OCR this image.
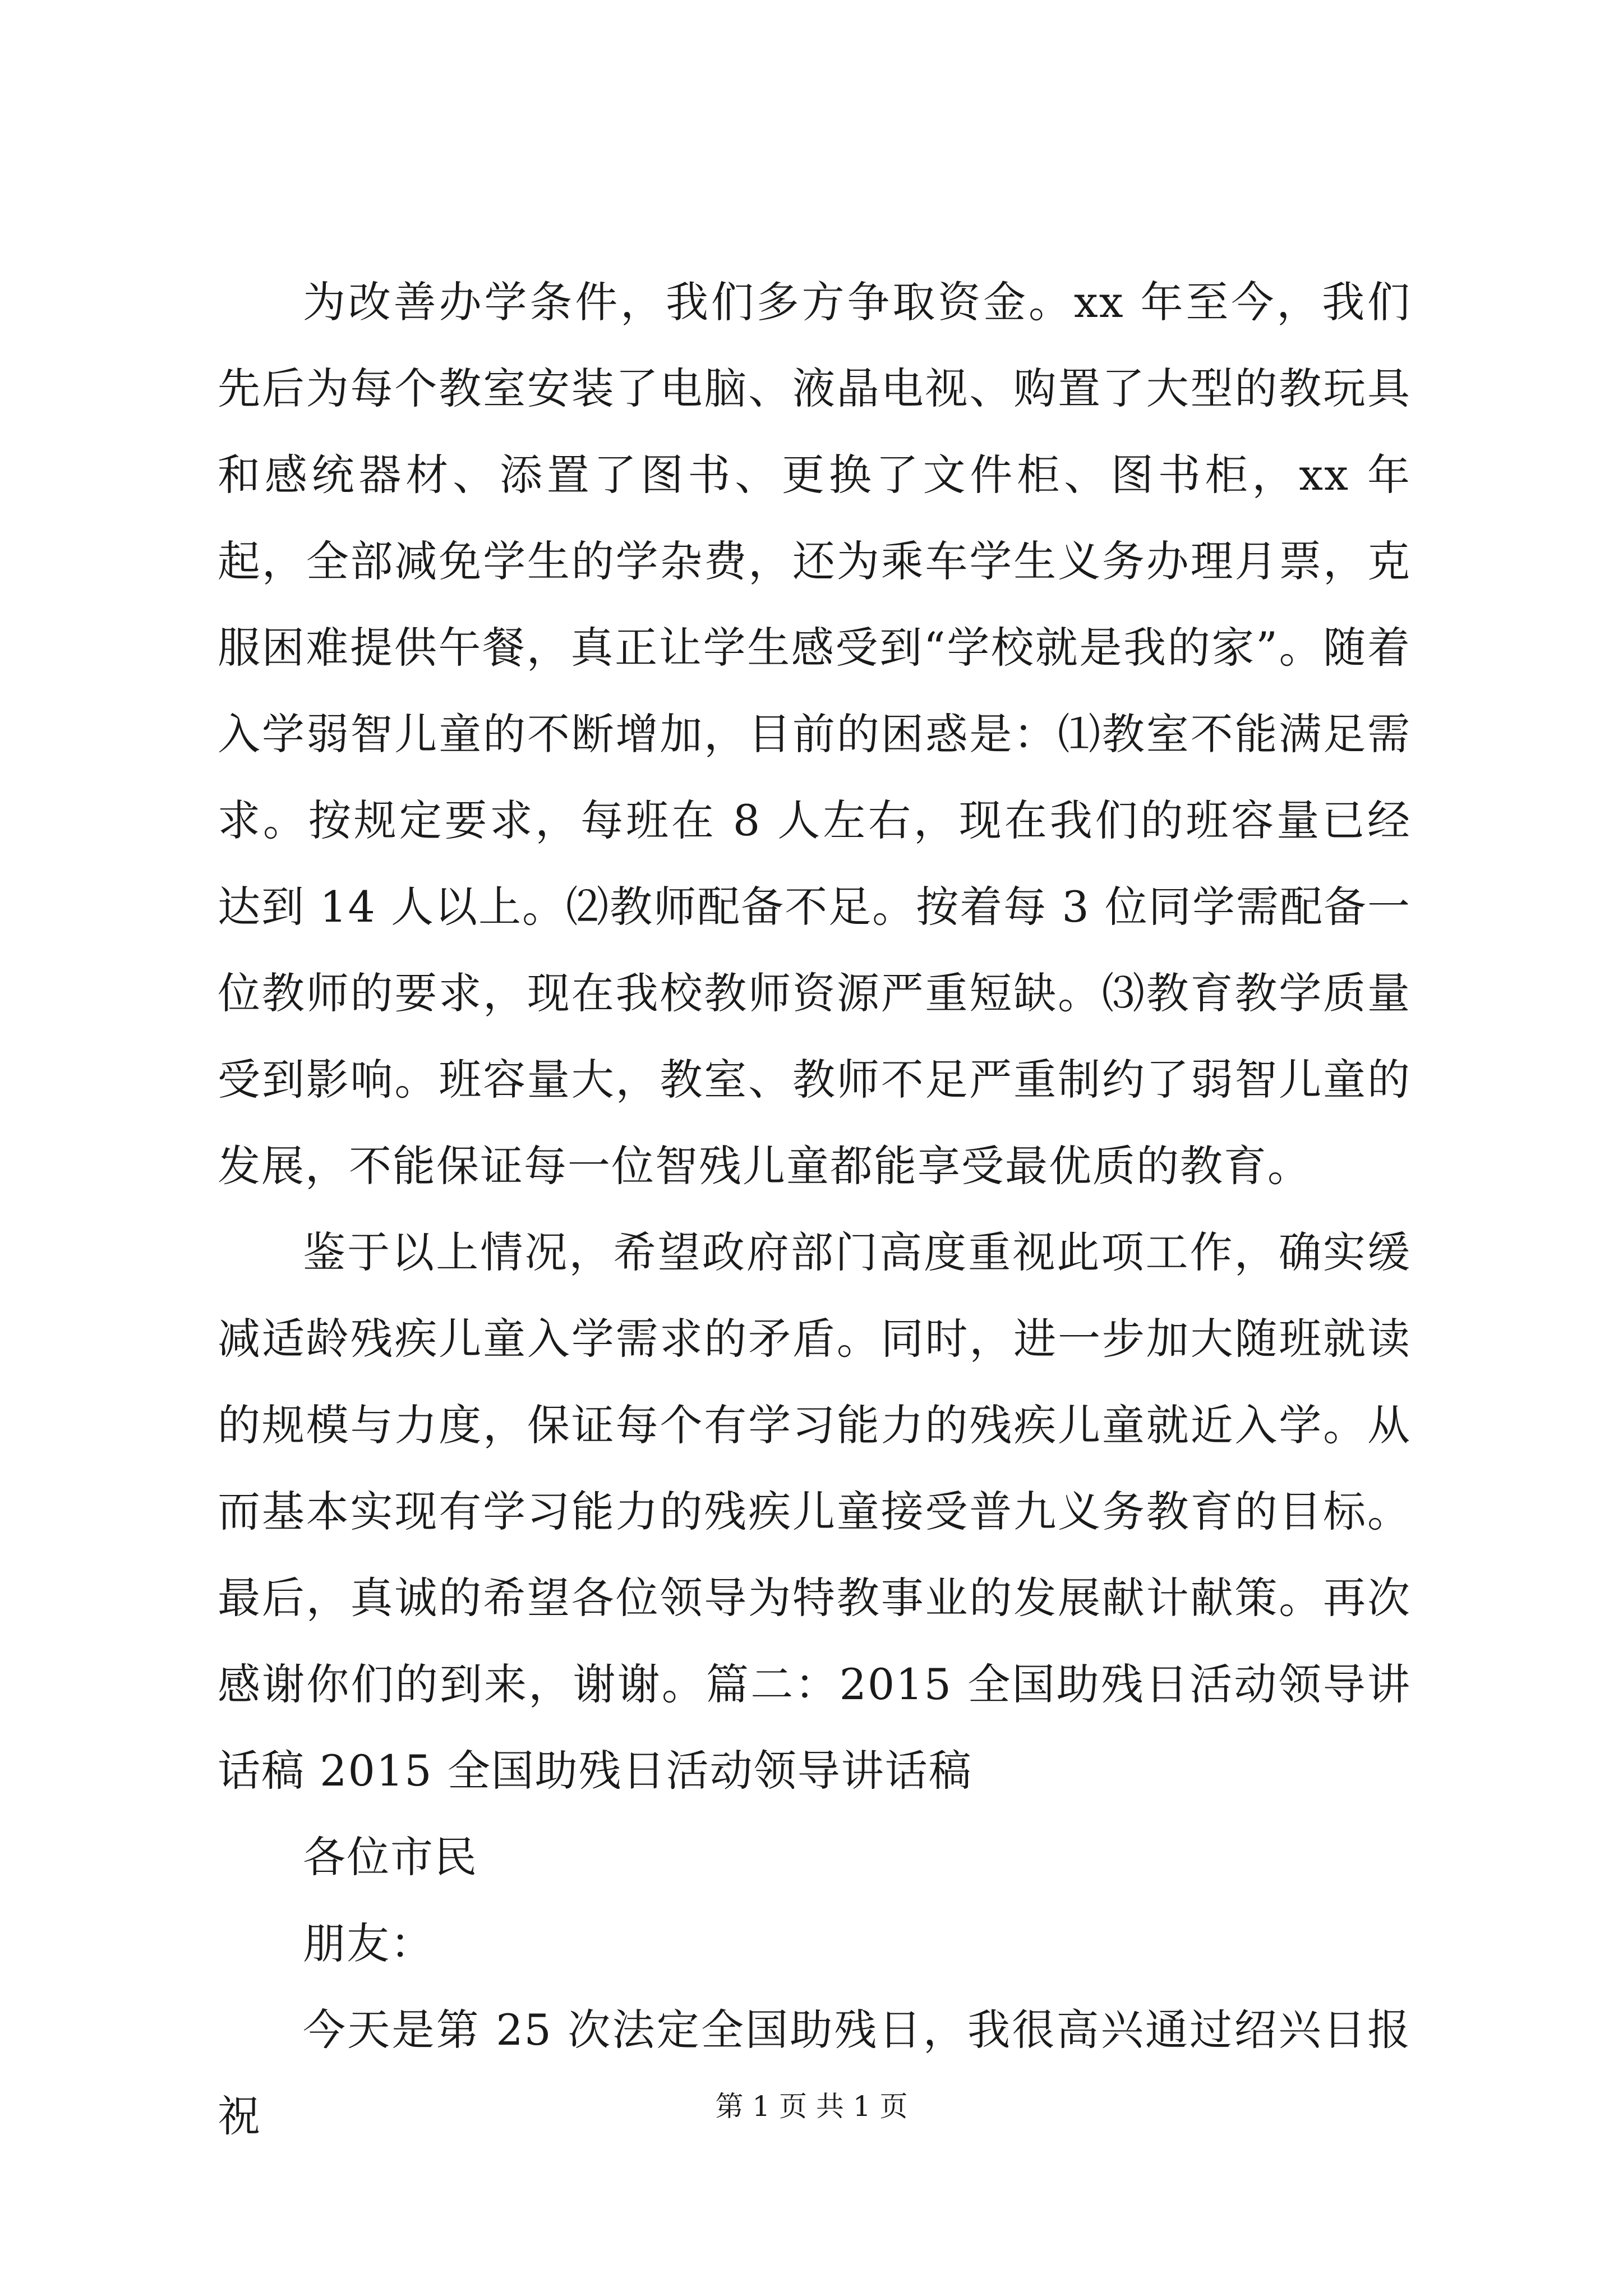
为改善办学条件，我们多方争取资金。xx 年至今，我们先后为每个教室安装了电脑、液晶电视、购置了大型的教玩具和感统器材、添置了图书、更换了文件柜、图书柜，xx 年起，全部减免学生的学杂费，还为乘车学生义务办理月票，克服困难提供午餐，真正让学生感受到“学校就是我的家”。随着入学弱智儿童的不断增加，目前的困惑是：⑴教室不能满足需求。按规定要求，每班在 8 人左右，现在我们的班容量已经达到 14 人以上。⑵教师配备不足。按着每 3 位同学需配备一位教师的要求，现在我校教师资源严重短缺。⑶教育教学质量受到影响。班容量大，教室、教师不足严重制约了弱智儿童的发展，不能保证每一位智残儿童都能享受最优质的教育。

鉴于以上情况，希望政府部门高度重视此项工作，确实缓减适龄残疾儿童入学需求的矛盾。同时，进一步加大随班就读的规模与力度，保证每个有学习能力的残疾儿童就近入学。从而基本实现有学习能力的残疾儿童接受普九义务教育的目标。最后，真诚的希望各位领导为特教事业的发展献计献策。再次感谢你们的到来，谢谢。篇二：2015 全国助残日活动领导讲话稿 2015 全国助残日活动领导讲话稿

各位市民

朋友：

今天是第 25 次法定全国助残日，我很高兴通过绍兴日报祝	第 1 页 共 1 页
